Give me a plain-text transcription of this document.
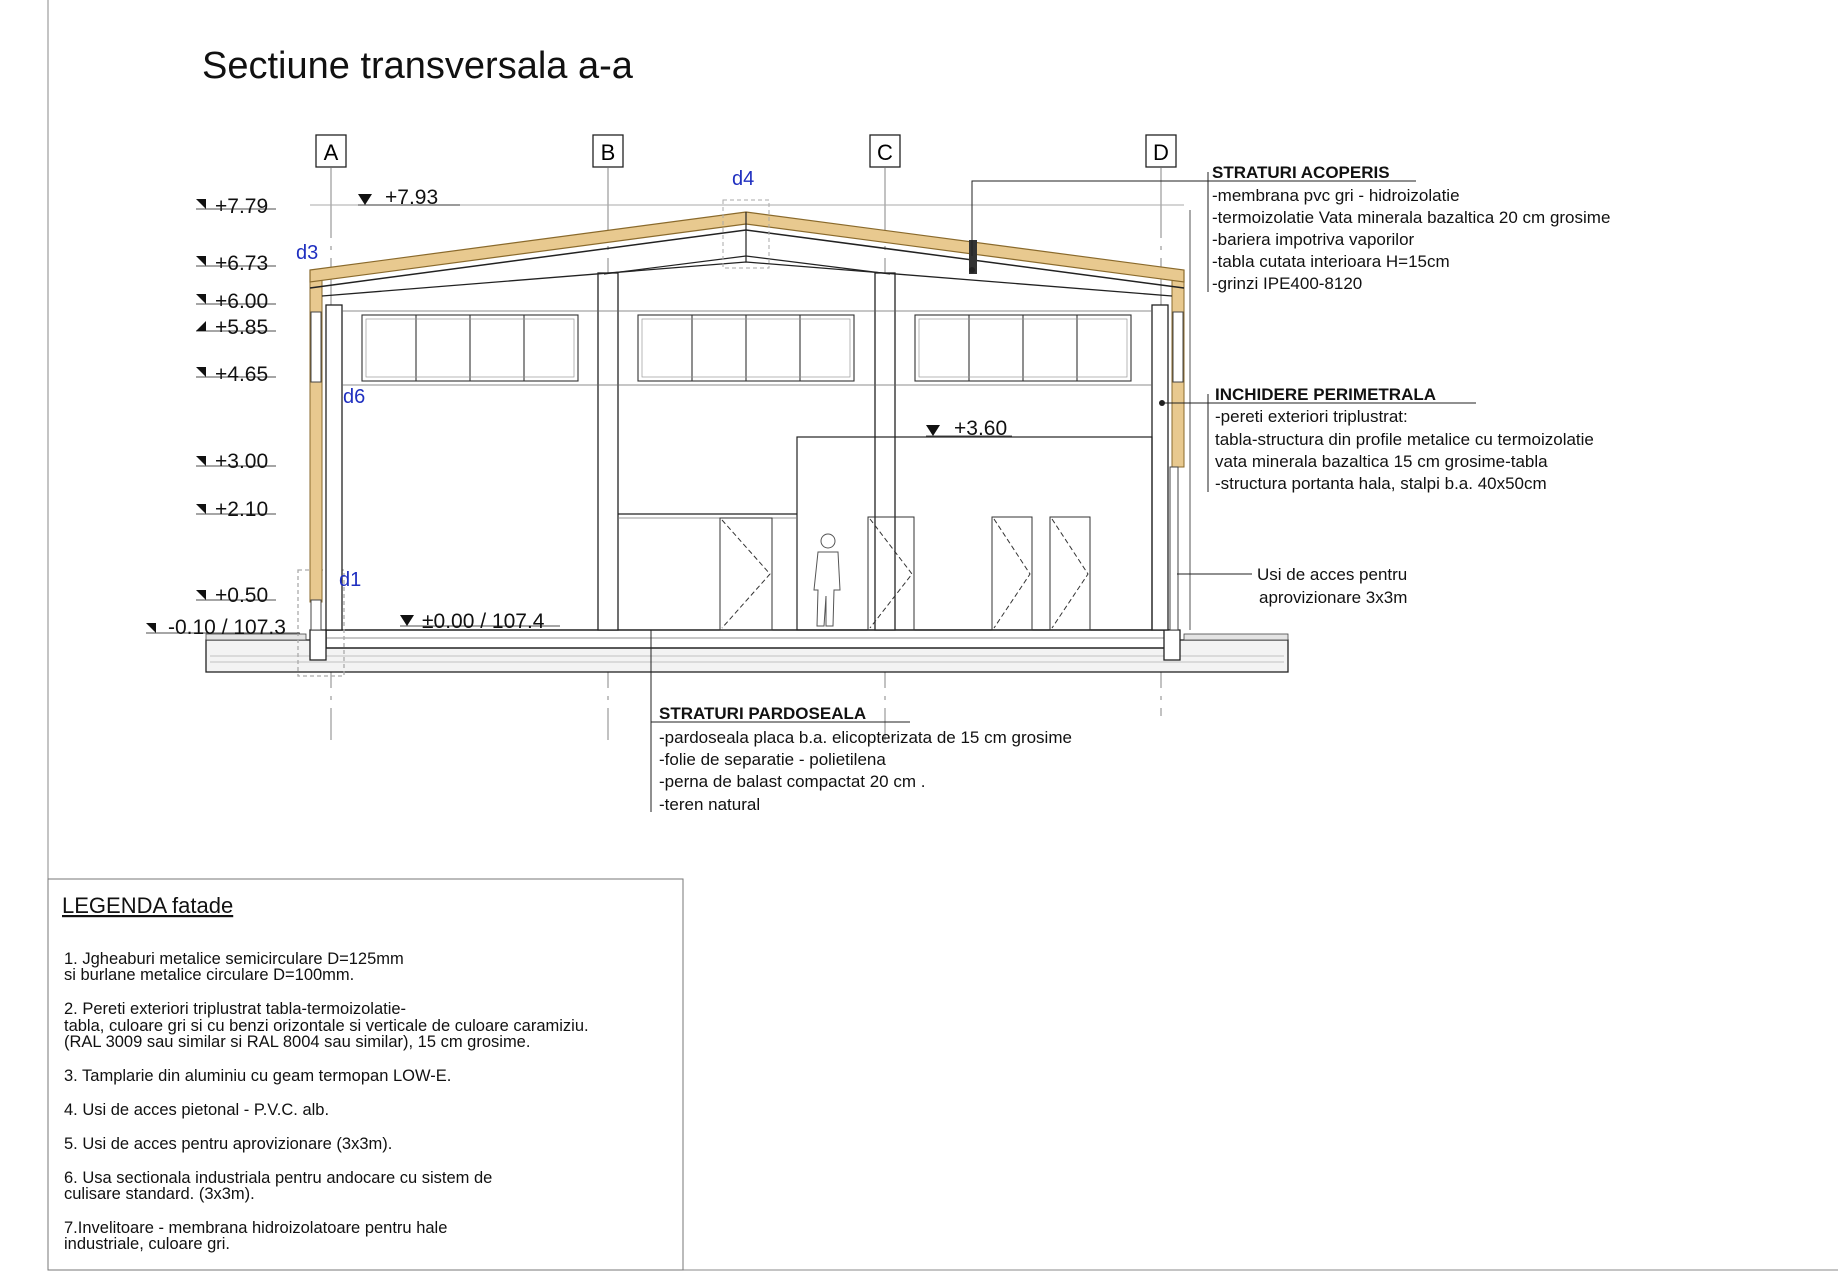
Sectiune transversala a-a
A	B	C	D
+7.79
+6.73
+6.00
+5.85
+4.65
+3.00
+2.10
+0.50
-0.10 / 107.3
+7.93
+3.60
±0.00 / 107.4
d4
d3
d6
d1
STRATURI ACOPERIS
-membrana pvc gri - hidroizolatie
-termoizolatie Vata minerala bazaltica 20 cm grosime
-bariera impotriva vaporilor
-tabla cutata interioara H=15cm
-grinzi IPE400-8120
INCHIDERE PERIMETRALA
-pereti exteriori triplustrat:
tabla-structura din profile metalice cu termoizolatie
vata minerala bazaltica 15 cm grosime-tabla
-structura portanta hala, stalpi b.a. 40x50cm
Usi de acces pentru
aprovizionare 3x3m
STRATURI PARDOSEALA
-pardoseala placa b.a. elicopterizata de 15 cm grosime
-folie de separatie - polietilena
-perna de balast compactat 20 cm .
-teren natural
LEGENDA fatade
1. Jgheaburi metalice semicirculare D=125mm
si burlane metalice circulare D=100mm.
2. Pereti exteriori triplustrat tabla-termoizolatie-
tabla, culoare gri si cu benzi orizontale si verticale de culoare caramiziu.
(RAL 3009 sau similar si RAL 8004 sau similar), 15 cm grosime.
3. Tamplarie din aluminiu cu geam termopan LOW-E.
4. Usi de acces pietonal - P.V.C. alb.
5. Usi de acces pentru aprovizionare (3x3m).
6. Usa sectionala industriala pentru andocare cu sistem de
culisare standard. (3x3m).
7.Invelitoare - membrana hidroizolatoare pentru hale
industriale, culoare gri.
